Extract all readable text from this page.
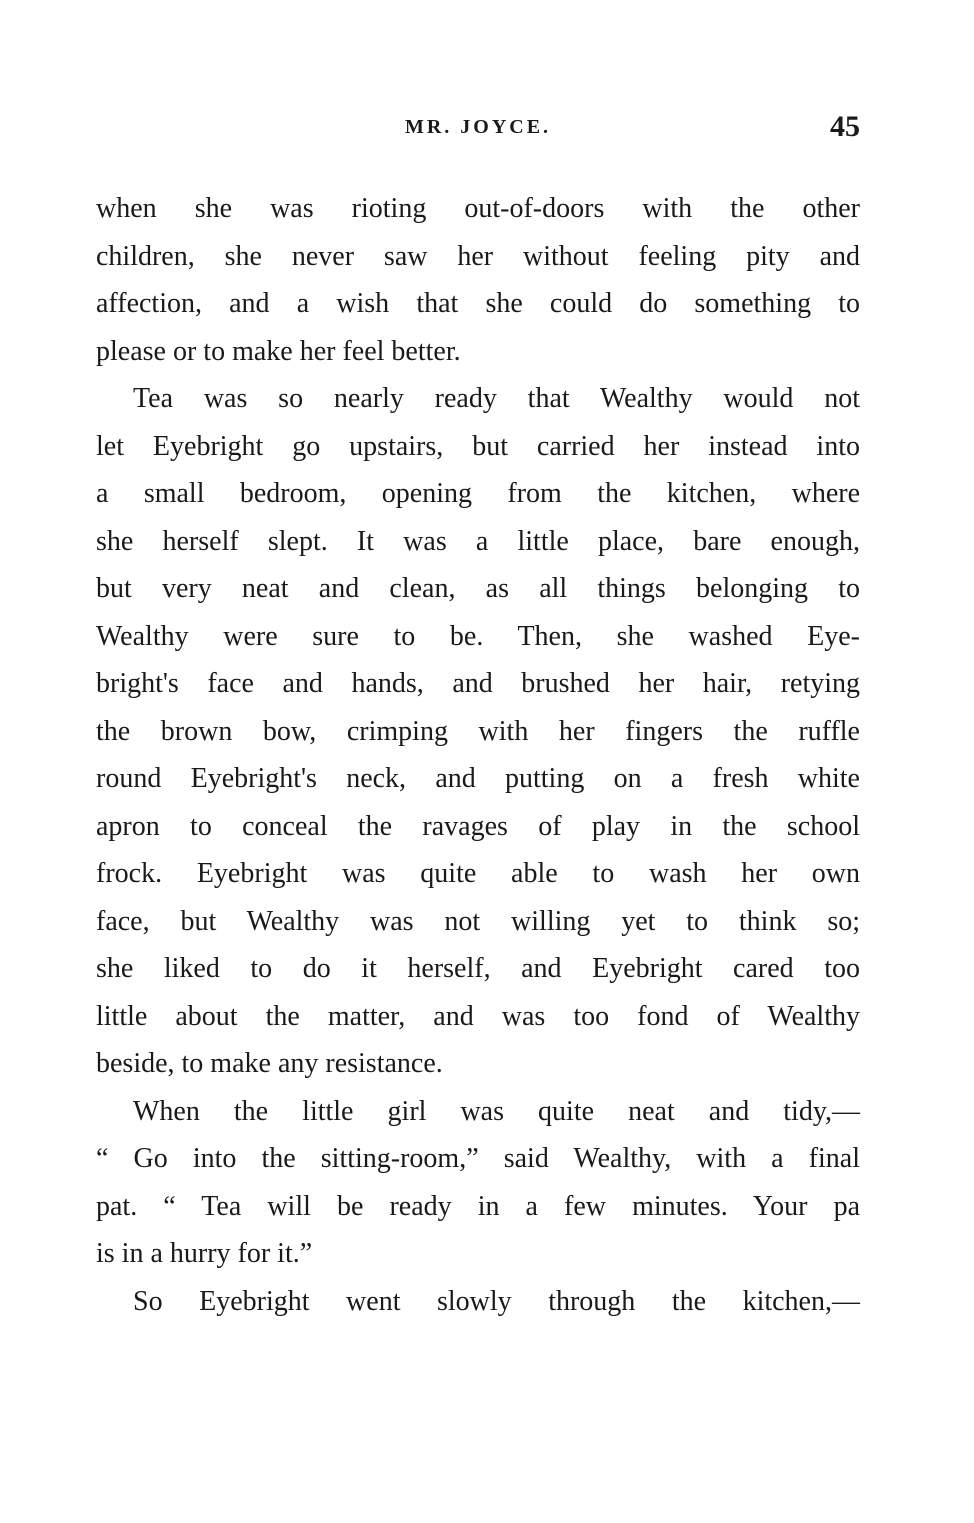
MR. JOYCE.	45
when she was rioting out-of-doors with the other
children, she never saw her without feeling pity and
affection, and a wish that she could do something to
please or to make her feel better.
Tea was so nearly ready that Wealthy would not
let Eyebright go upstairs, but carried her instead into
a small bedroom, opening from the kitchen, where
she herself slept. It was a little place, bare enough,
but very neat and clean, as all things belonging to
Wealthy were sure to be. Then, she washed Eye-
bright's face and hands, and brushed her hair, retying
the brown bow, crimping with her fingers the ruffle
round Eyebright's neck, and putting on a fresh white
apron to conceal the ravages of play in the school
frock. Eyebright was quite able to wash her own
face, but Wealthy was not willing yet to think so;
she liked to do it herself, and Eyebright cared too
little about the matter, and was too fond of Wealthy
beside, to make any resistance.
When the little girl was quite neat and tidy,—
“ Go into the sitting-room,” said Wealthy, with a final
pat. “ Tea will be ready in a few minutes. Your pa
is in a hurry for it.”
So Eyebright went slowly through the kitchen,—
